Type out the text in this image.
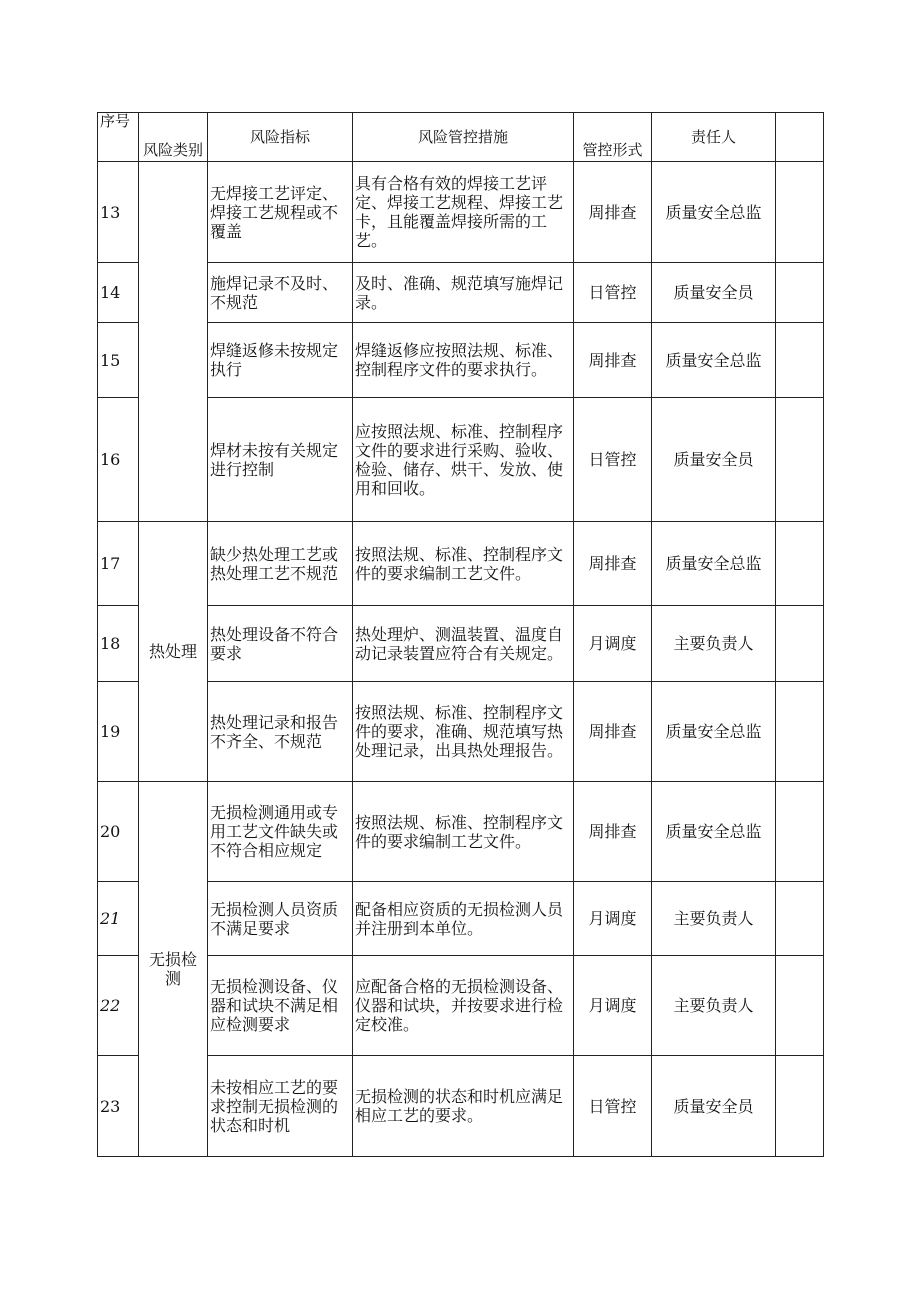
序号	风险类别	风险指标	风险管控措施	管控形式	责任人	
13		无焊接工艺评定、焊接工艺规程或不覆盖	具有合格有效的焊接工艺评定、焊接工艺规程、焊接工艺卡，且能覆盖焊接所需的工艺。	周排查	质量安全总监	
14		施焊记录不及时、不规范	及时、准确、规范填写施焊记录。	日管控	质量安全员	
15		焊缝返修未按规定执行	焊缝返修应按照法规、标准、控制程序文件的要求执行。	周排查	质量安全总监	
16		焊材未按有关规定进行控制	应按照法规、标准、控制程序文件的要求进行采购、验收、检验、储存、烘干、发放、使用和回收。	日管控	质量安全员	
17	热处理	缺少热处理工艺或热处理工艺不规范	按照法规、标准、控制程序文件的要求编制工艺文件。	周排查	质量安全总监	
18		热处理设备不符合要求	热处理炉、测温装置、温度自动记录装置应符合有关规定。	月调度	主要负责人	
19		热处理记录和报告不齐全、不规范	按照法规、标准、控制程序文件的要求，准确、规范填写热处理记录，出具热处理报告。	周排查	质量安全总监	
20	无损检测	无损检测通用或专用工艺文件缺失或不符合相应规定	按照法规、标准、控制程序文件的要求编制工艺文件。	周排查	质量安全总监	
21		无损检测人员资质不满足要求	配备相应资质的无损检测人员并注册到本单位。	月调度	主要负责人	
22		无损检测设备、仪器和试块不满足相应检测要求	应配备合格的无损检测设备、仪器和试块，并按要求进行检定校准。	月调度	主要负责人	
23		未按相应工艺的要求控制无损检测的状态和时机	无损检测的状态和时机应满足相应工艺的要求。	日管控	质量安全员	
